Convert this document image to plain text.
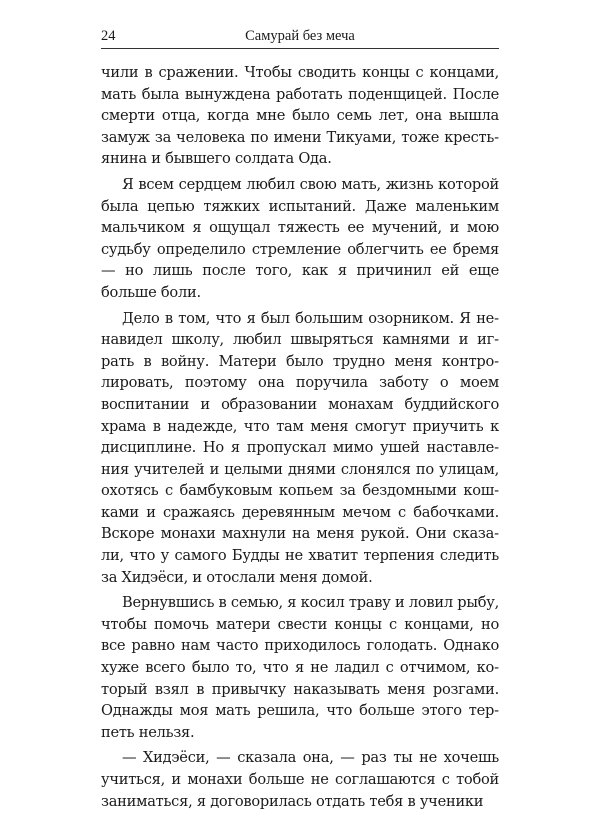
24	Самурай без меча

чили в сражении. Чтобы сводить концы с концами, мать была вынуждена работать поденщицей. После смерти отца, когда мне было семь лет, она вышла замуж за человека по имени Тикуами, тоже крестьянина и бывшего солдата Ода.

Я всем сердцем любил свою мать, жизнь которой была цепью тяжких испытаний. Даже маленьким мальчиком я ощущал тяжесть ее мучений, и мою судьбу определило стремление облегчить ее бремя — но лишь после того, как я причинил ей еще больше боли.

Дело в том, что я был большим озорником. Я ненавидел школу, любил швыряться камнями и играть в войну. Матери было трудно меня контролировать, поэтому она поручила заботу о моем воспитании и образовании монахам буддийского храма в надежде, что там меня смогут приучить к дисциплине. Но я пропускал мимо ушей наставления учителей и целыми днями слонялся по улицам, охотясь с бамбуковым копьем за бездомными кошками и сражаясь деревянным мечом с бабочками. Вскоре монахи махнули на меня рукой. Они сказали, что у самого Будды не хватит терпения следить за Хидэёси, и отослали меня домой.

Вернувшись в семью, я косил траву и ловил рыбу, чтобы помочь матери свести концы с концами, но все равно нам часто приходилось голодать. Однако хуже всего было то, что я не ладил с отчимом, который взял в привычку наказывать меня розгами. Однажды моя мать решила, что больше этого терпеть нельзя.

— Хидэёси, — сказала она, — раз ты не хочешь учиться, и монахи больше не соглашаются с тобой заниматься, я договорилась отдать тебя в ученики
